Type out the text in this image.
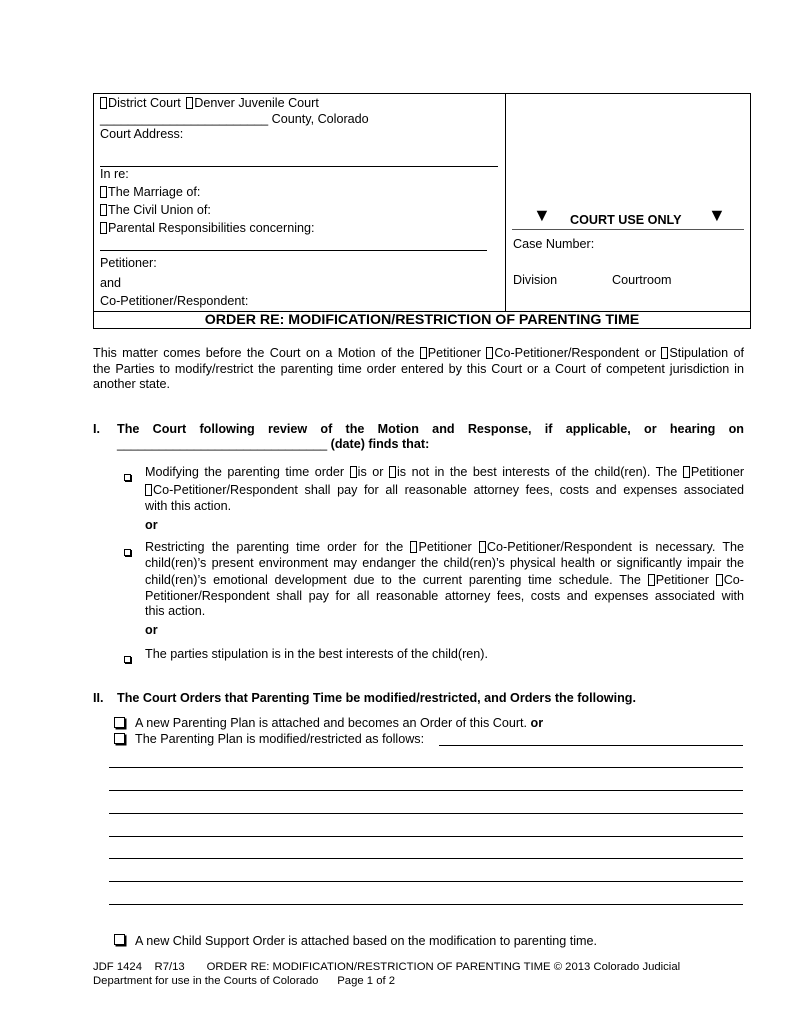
District Court Denver Juvenile Court
________________________ County, Colorado
Court Address:
In re:
The Marriage of:
The Civil Union of:
Parental Responsibilities concerning:
Petitioner:
and
Co-Petitioner/Respondent:
▼ COURT USE ONLY ▼
Case Number:
Division	Courtroom
ORDER RE: MODIFICATION/RESTRICTION OF PARENTING TIME
This matter comes before the Court on a Motion of the Petitioner Co-Petitioner/Respondent or Stipulation of
the Parties to modify/restrict the parenting time order entered by this Court or a Court of competent jurisdiction in
another state.
I. The Court following review of the Motion and Response, if applicable, or hearing on
______________________________ (date) finds that:
Modifying the parenting time order is or is not in the best interests of the child(ren). The Petitioner
Co-Petitioner/Respondent shall pay for all reasonable attorney fees, costs and expenses associated
with this action.
or
Restricting the parenting time order for the Petitioner Co-Petitioner/Respondent is necessary. The
child(ren)’s present environment may endanger the child(ren)’s physical health or significantly impair the
child(ren)’s emotional development due to the current parenting time schedule. The Petitioner Co-
Petitioner/Respondent shall pay for all reasonable attorney fees, costs and expenses associated with
this action.
or
The parties stipulation is in the best interests of the child(ren).
II. The Court Orders that Parenting Time be modified/restricted, and Orders the following.
A new Parenting Plan is attached and becomes an Order of this Court. or
The Parenting Plan is modified/restricted as follows:
A new Child Support Order is attached based on the modification to parenting time.
JDF 1424    R7/13       ORDER RE: MODIFICATION/RESTRICTION OF PARENTING TIME © 2013 Colorado Judicial
Department for use in the Courts of Colorado      Page 1 of 2
